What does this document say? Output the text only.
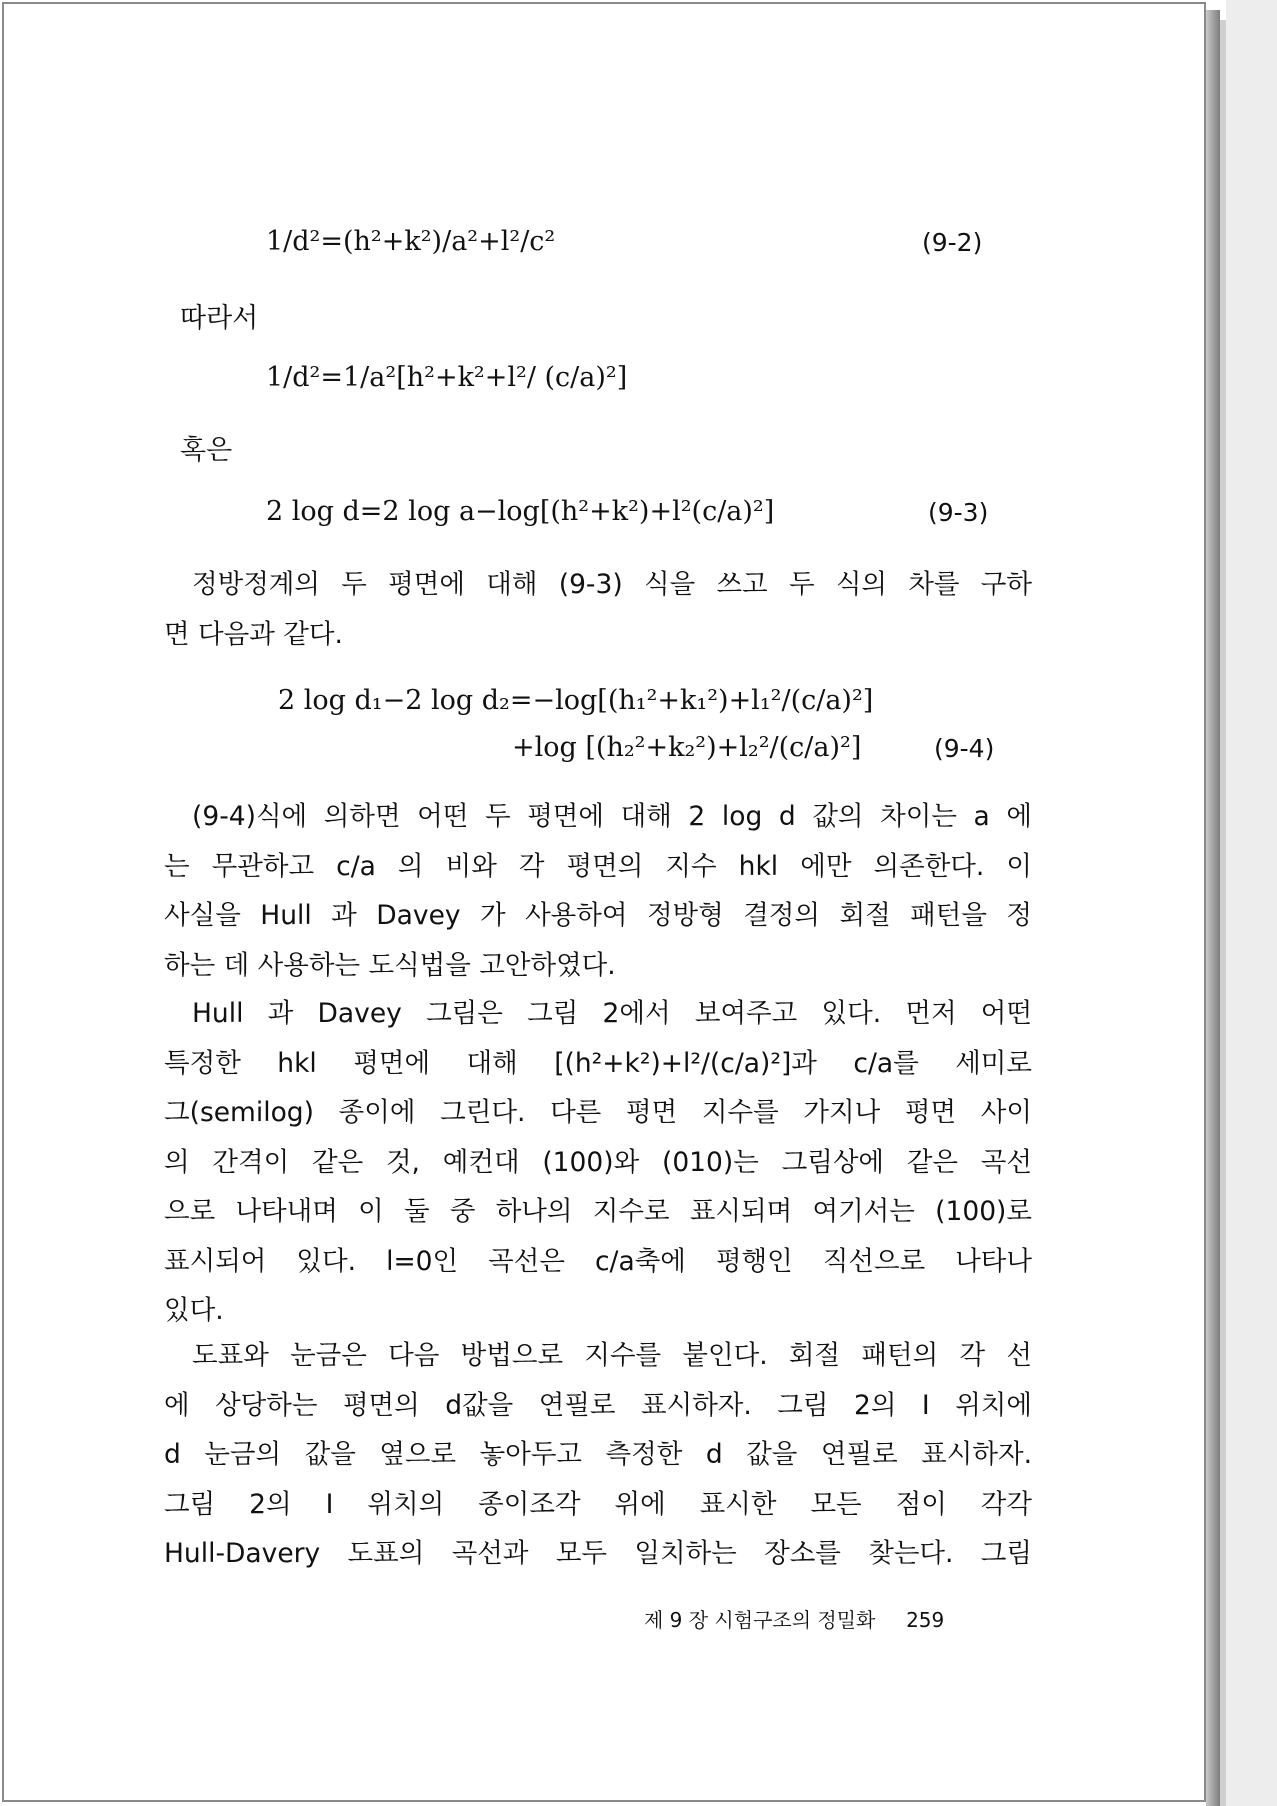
1/d²=(h²+k²)/a²+l²/c²	(9-2)
따라서
1/d²=1/a²[h²+k²+l²/ (c/a)²]
혹은
2 log d=2 log a−log[(h²+k²)+l²(c/a)²]	(9-3)
정방정계의 두 평면에 대해 (9-3) 식을 쓰고 두 식의 차를 구하
면 다음과 같다.
2 log d₁−2 log d₂=−log[(h₁²+k₁²)+l₁²/(c/a)²]
+log [(h₂²+k₂²)+l₂²/(c/a)²]	(9-4)
(9-4)식에 의하면 어떤 두 평면에 대해 2 log d 값의 차이는 a 에
는 무관하고 c/a 의 비와 각 평면의 지수 hkl 에만 의존한다. 이
사실을 Hull 과 Davey 가 사용하여 정방형 결정의 회절 패턴을 정
하는 데 사용하는 도식법을 고안하였다.
Hull 과 Davey 그림은 그림 2에서 보여주고 있다. 먼저 어떤
특정한 hkl 평면에 대해 [(h²+k²)+l²/(c/a)²]과 c/a를 세미로
그(semilog) 종이에 그린다. 다른 평면 지수를 가지나 평면 사이
의 간격이 같은 것, 예컨대 (100)와 (010)는 그림상에 같은 곡선
으로 나타내며 이 둘 중 하나의 지수로 표시되며 여기서는 (100)로
표시되어 있다. l=0인 곡선은 c/a축에 평행인 직선으로 나타나
있다.
도표와 눈금은 다음 방법으로 지수를 붙인다. 회절 패턴의 각 선
에 상당하는 평면의 d값을 연필로 표시하자. 그림 2의 I 위치에
d 눈금의 값을 옆으로 놓아두고 측정한 d 값을 연필로 표시하자.
그림 2의 I 위치의 종이조각 위에 표시한 모든 점이 각각
Hull-Davery 도표의 곡선과 모두 일치하는 장소를 찾는다. 그림
제 9 장 시험구조의 정밀화 259
